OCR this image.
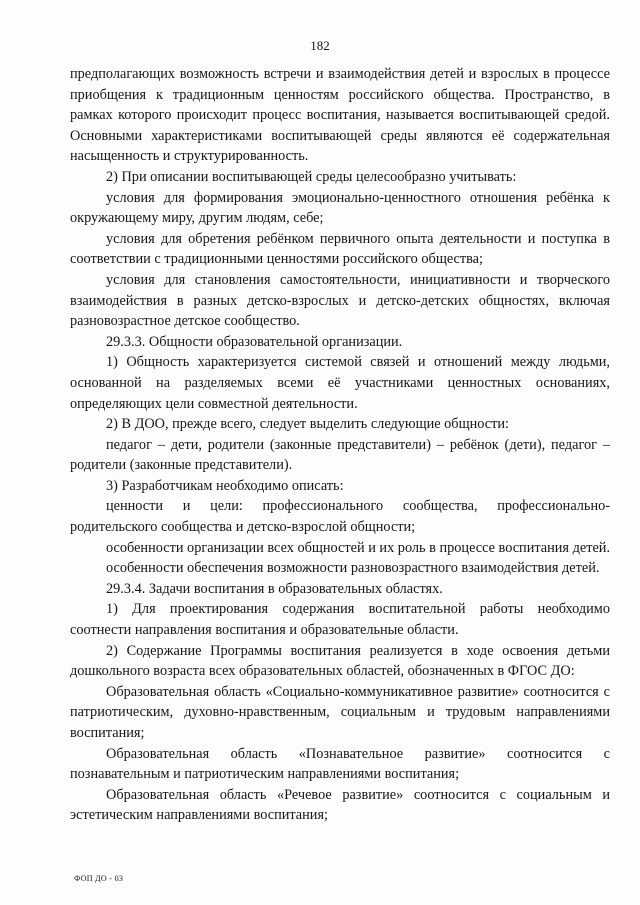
182

предполагающих возможность встречи и взаимодействия детей и взрослых в процессе приобщения к традиционным ценностям российского общества. Пространство, в рамках которого происходит процесс воспитания, называется воспитывающей средой. Основными характеристиками воспитывающей среды являются её содержательная насыщенность и структурированность.

2) При описании воспитывающей среды целесообразно учитывать:

условия для формирования эмоционально-ценностного отношения ребёнка к окружающему миру, другим людям, себе;

условия для обретения ребёнком первичного опыта деятельности и поступка в соответствии с традиционными ценностями российского общества;

условия для становления самостоятельности, инициативности и творческого взаимодействия в разных детско-взрослых и детско-детских общностях, включая разновозрастное детское сообщество.

29.3.3. Общности образовательной организации.

1) Общность характеризуется системой связей и отношений между людьми, основанной на разделяемых всеми её участниками ценностных основаниях, определяющих цели совместной деятельности.

2) В ДОО, прежде всего, следует выделить следующие общности:

педагог – дети, родители (законные представители) – ребёнок (дети), педагог – родители (законные представители).

3) Разработчикам необходимо описать:

ценности и цели: профессионального сообщества, профессионально-родительского сообщества и детско-взрослой общности;

особенности организации всех общностей и их роль в процессе воспитания детей.

особенности обеспечения возможности разновозрастного взаимодействия детей.

29.3.4. Задачи воспитания в образовательных областях.

1) Для проектирования содержания воспитательной работы необходимо соотнести направления воспитания и образовательные области.

2) Содержание Программы воспитания реализуется в ходе освоения детьми дошкольного возраста всех образовательных областей, обозначенных в ФГОС ДО:

Образовательная область «Социально-коммуникативное развитие» соотносится с патриотическим, духовно-нравственным, социальным и трудовым направлениями воспитания;

Образовательная область «Познавательное развитие» соотносится с познавательным и патриотическим направлениями воспитания;

Образовательная область «Речевое развитие» соотносится с социальным и эстетическим направлениями воспитания;

ФОП ДО - 03
